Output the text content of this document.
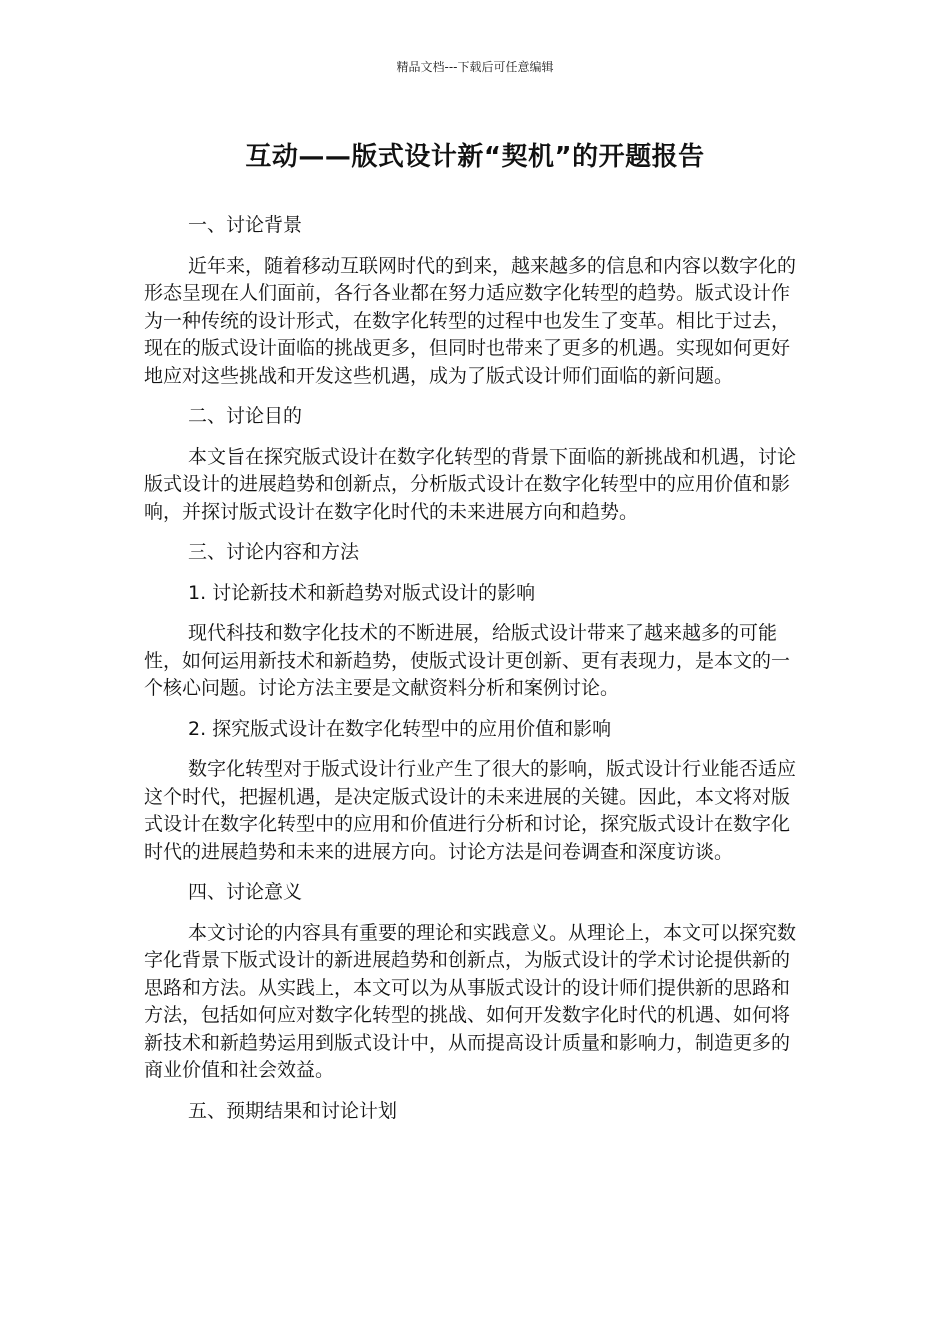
精品文档---下载后可任意编辑
互动——版式设计新“契机”的开题报告

一、讨论背景

近年来，随着移动互联网时代的到来，越来越多的信息和内容以数字化的形态呈现在人们面前，各行各业都在努力适应数字化转型的趋势。版式设计作为一种传统的设计形式，在数字化转型的过程中也发生了变革。相比于过去，现在的版式设计面临的挑战更多，但同时也带来了更多的机遇。实现如何更好地应对这些挑战和开发这些机遇，成为了版式设计师们面临的新问题。

二、讨论目的

本文旨在探究版式设计在数字化转型的背景下面临的新挑战和机遇，讨论版式设计的进展趋势和创新点，分析版式设计在数字化转型中的应用价值和影响，并探讨版式设计在数字化时代的未来进展方向和趋势。

三、讨论内容和方法

1. 讨论新技术和新趋势对版式设计的影响

现代科技和数字化技术的不断进展，给版式设计带来了越来越多的可能性，如何运用新技术和新趋势，使版式设计更创新、更有表现力，是本文的一个核心问题。讨论方法主要是文献资料分析和案例讨论。

2. 探究版式设计在数字化转型中的应用价值和影响

数字化转型对于版式设计行业产生了很大的影响，版式设计行业能否适应这个时代，把握机遇，是决定版式设计的未来进展的关键。因此，本文将对版式设计在数字化转型中的应用和价值进行分析和讨论，探究版式设计在数字化时代的进展趋势和未来的进展方向。讨论方法是问卷调查和深度访谈。

四、讨论意义

本文讨论的内容具有重要的理论和实践意义。从理论上，本文可以探究数字化背景下版式设计的新进展趋势和创新点，为版式设计的学术讨论提供新的思路和方法。从实践上，本文可以为从事版式设计的设计师们提供新的思路和方法，包括如何应对数字化转型的挑战、如何开发数字化时代的机遇、如何将新技术和新趋势运用到版式设计中，从而提高设计质量和影响力，制造更多的商业价值和社会效益。

五、预期结果和讨论计划
